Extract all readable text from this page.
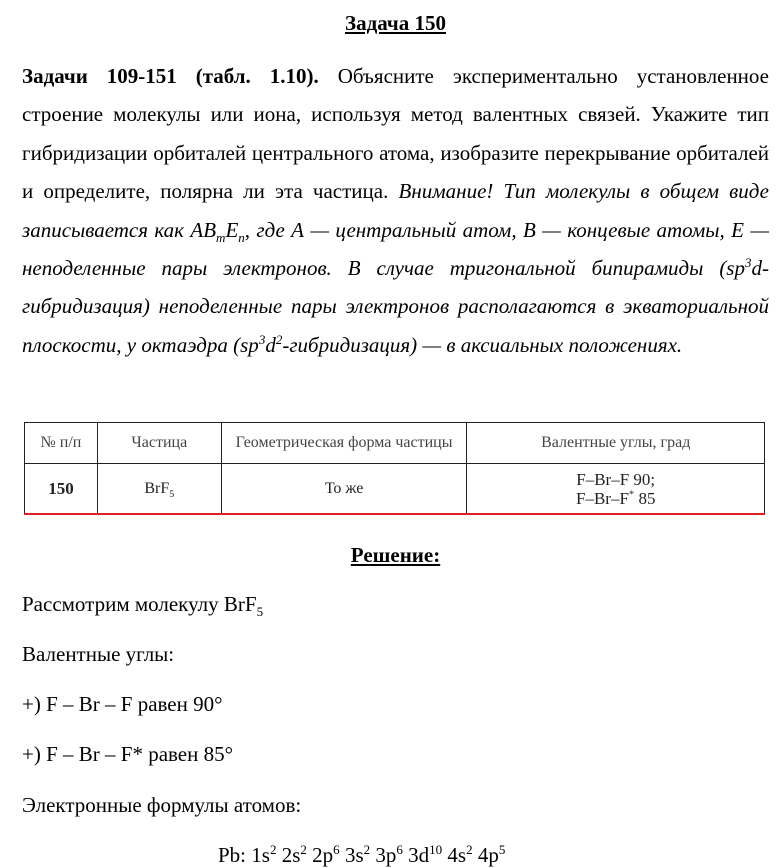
Задача 150
Задачи 109-151 (табл. 1.10). Объясните экспериментально установленное строение молекулы или иона, используя метод валентных связей. Укажите тип гибридизации орбиталей центрального атома, изобразите перекрывание орбиталей и определите, полярна ли эта частица. Внимание! Тип молекулы в общем виде записывается как $AB_mE_n$, где А — центральный атом, В — концевые атомы, Е — неподеленные пары электронов. В случае тригональной бипирамиды $(sp^3d-гибридизация)$ неподеленные пары электронов располагаются в экваториальной плоскости, у октаэдра $(sp^3d^2-гибридизация)$ — в аксиальных положениях.
№ п/п	Частица	Геометрическая форма частицы	Валентные углы, град
150	BrF$_5$	То же	F–Br–F 90;
F–Br–F* 85
Решение:
Рассмотрим молекулу BrF$_5$
Валентные углы:
+) F – Br – F равен 90°
+) F – Br – F* равен 85°
Электронные формулы атомов:
Pb: $1s^2$ $2s^2$ $2p^6$ $3s^2$ $3p^6$ $3d^{10}$ $4s^2$ $4p^5$
